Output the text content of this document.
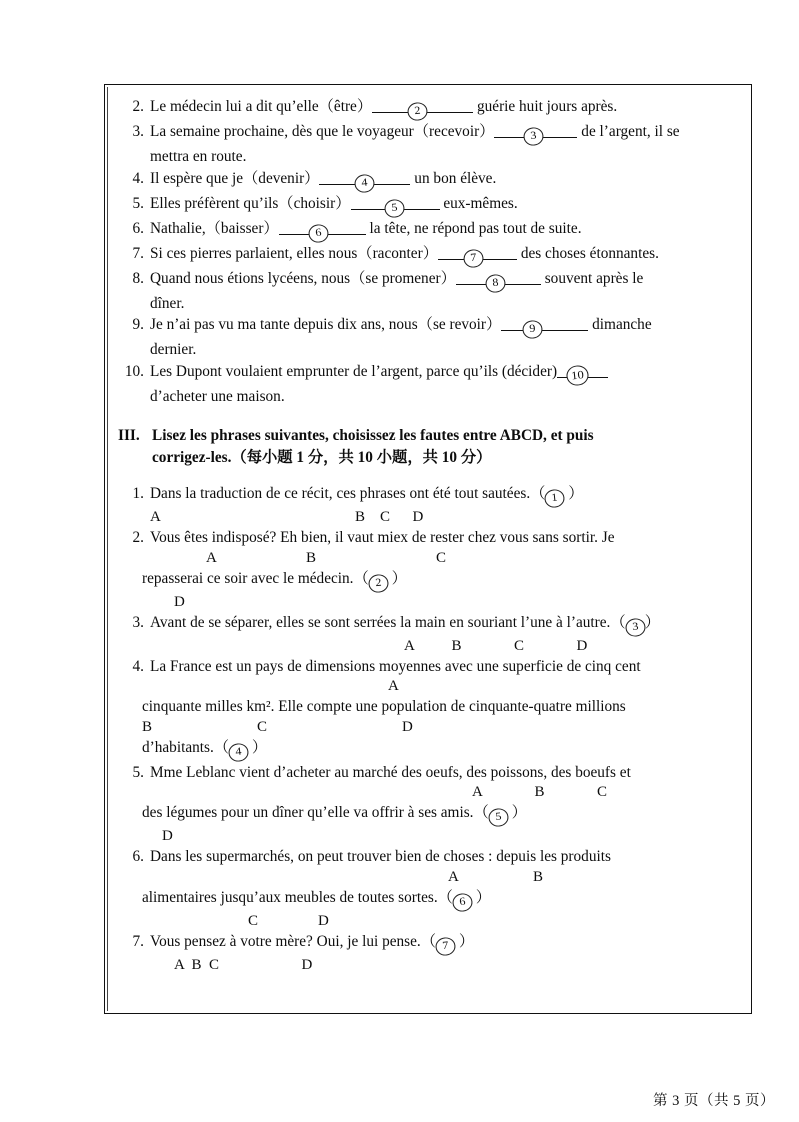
2. Le médecin lui a dit qu’elle（être）	2	guérie huit jours après.
3. La semaine prochaine, dès que le voyageur（recevoir）	3	de l’argent, il se
mettra en route.
4. Il espère que je（devenir）	4	un bon élève.
5. Elles préfèrent qu’ils（choisir）	5	eux-mêmes.
6. Nathalie,（baisser）	6	la tête, ne répond pas tout de suite.
7. Si ces pierres parlaient, elles nous（raconter）	7	des choses étonnantes.
8. Quand nous étions lycéens, nous（se promener）	8	souvent après le
dîner.
9. Je n’ai pas vu ma tante depuis dix ans, nous（se revoir） 9	dimanche
dernier.
10. Les Dupont voulaient emprunter de l’argent, parce qu’ils (décider) 10
d’acheter une maison.
III. Lisez les phrases suivantes, choisissez les fautes entre ABCD, et puis
corrigez-les.（每小题 1 分，共 10 小题，共 10 分）
1. Dans la traduction de ce récit, ces phrases ont été tout sautées.（ 1 ）
A                                                    B    C      D
2. Vous êtes indisposé? Eh bien, il vaut miex de rester chez vous sans sortir. Je
A                        B                                C
repasserai ce soir avec le médecin.（ 2 ）
D
3. Avant de se séparer, elles se sont serrées la main en souriant l’une à l’autre.（ 3 ）
A          B              C              D
4. La France est un pays de dimensions moyennes avec une superficie de cinq cent
A
cinquante milles km². Elle compte une population de cinquante-quatre millions
B                            C                                    D
d’habitants.（ 4 ）
5. Mme Leblanc vient d’acheter au marché des oeufs, des poissons, des boeufs et
A              B              C
des légumes pour un dîner qu’elle va offrir à ses amis.（ 5 ）
D
6. Dans les supermarchés, on peut trouver bien de choses : depuis les produits
A                    B
alimentaires jusqu’aux meubles de toutes sortes.（ 6 ）
C                D
7. Vous pensez à votre mère? Oui, je lui pense.（ 7 ）
A  B  C                      D
第 3 页（共 5 页）
